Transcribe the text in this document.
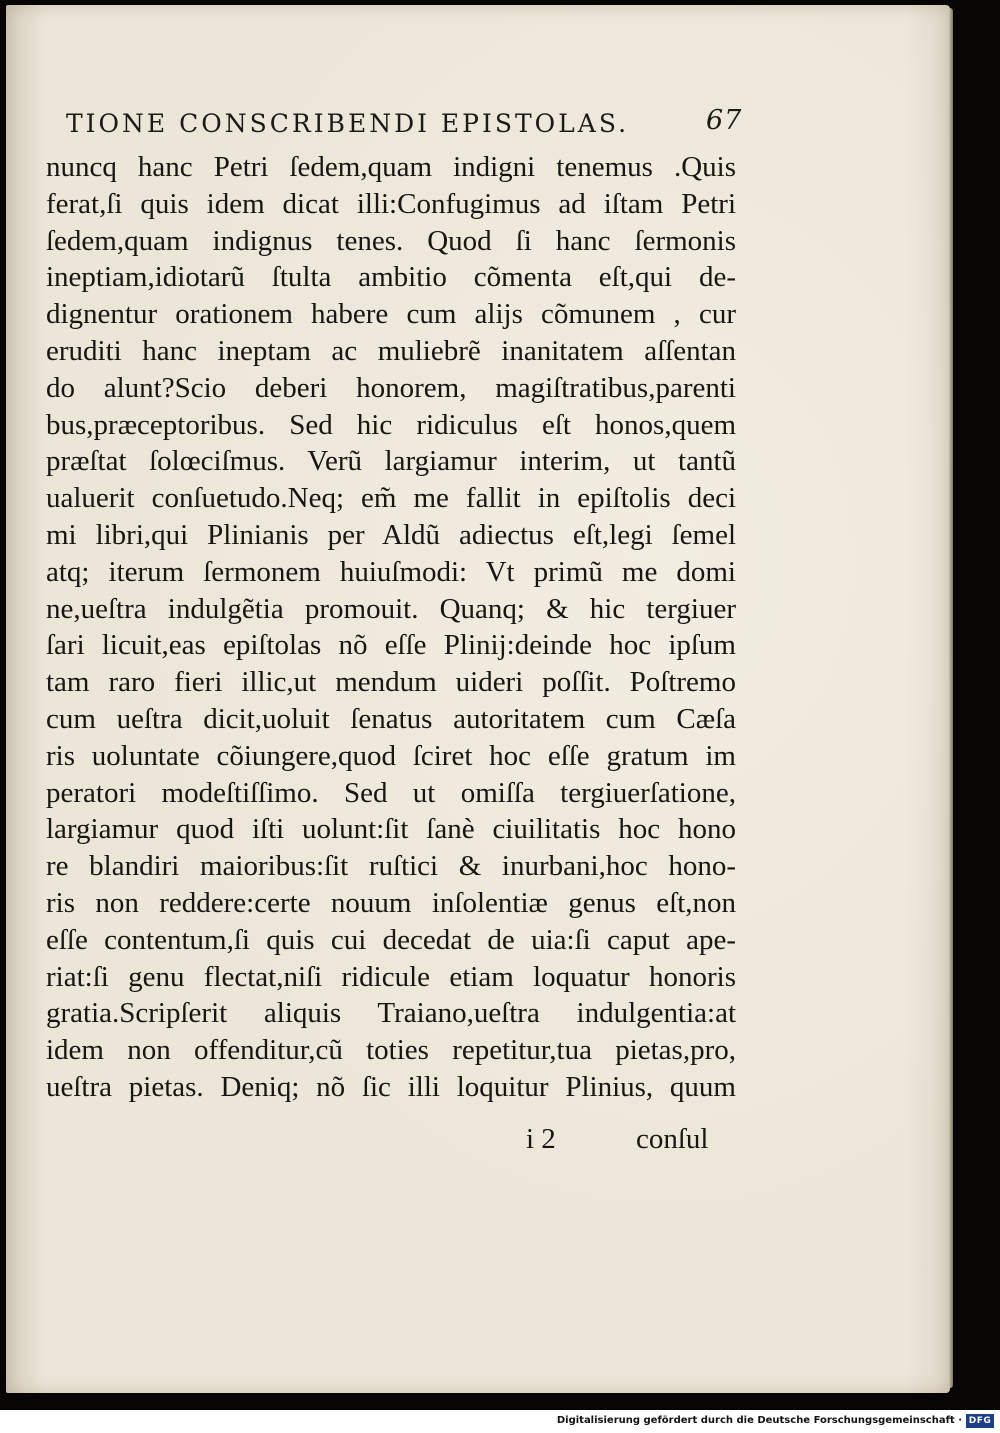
TIONE CONSCRIBENDI EPISTOLAS.	67
nuncq hanc Petri ſedem,quam indigni tenemus .Quis
ferat,ſi quis idem dicat illi:Confugimus ad iſtam Petri
ſedem,quam indignus tenes. Quod ſi hanc ſermonis
ineptiam,idiotarũ ſtulta ambitio cõmenta eſt,qui de-
dignentur orationem habere cum alijs cõmunem , cur
eruditi hanc ineptam ac muliebrẽ inanitatem aſſentan
do alunt?Scio deberi honorem, magiſtratibus,parenti
bus,præceptoribus. Sed hic ridiculus eſt honos,quem
præſtat ſolœciſmus. Verũ largiamur interim, ut tantũ
ualuerit conſuetudo.Neq; em̃ me fallit in epiſtolis deci
mi libri,qui Plinianis per Aldũ adiectus eſt,legi ſemel
atq; iterum ſermonem huiuſmodi: Vt primũ me domi
ne,ueſtra indulgẽtia promouit. Quanq; & hic tergiuer
ſari licuit,eas epiſtolas nõ eſſe Plinij:deinde hoc ipſum
tam raro fieri illic,ut mendum uideri poſſit. Poſtremo
cum ueſtra dicit,uoluit ſenatus autoritatem cum Cæſa
ris uoluntate cõiungere,quod ſciret hoc eſſe gratum im
peratori modeſtiſſimo. Sed ut omiſſa tergiuerſatione,
largiamur quod iſti uolunt:ſit ſanè ciuilitatis hoc hono
re blandiri maioribus:ſit ruſtici & inurbani,hoc hono-
ris non reddere:certe nouum inſolentiæ genus eſt,non
eſſe contentum,ſi quis cui decedat de uia:ſi caput ape-
riat:ſi genu flectat,niſi ridicule etiam loquatur honoris
gratia.Scripſerit aliquis Traiano,ueſtra indulgentia:at
idem non offenditur,cũ toties repetitur,tua pietas,pro,
ueſtra pietas. Deniq; nõ ſic illi loquitur Plinius, quum
i 2	conſul
Digitalisierung gefördert durch die Deutsche Forschungsgemeinschaft · DFG
